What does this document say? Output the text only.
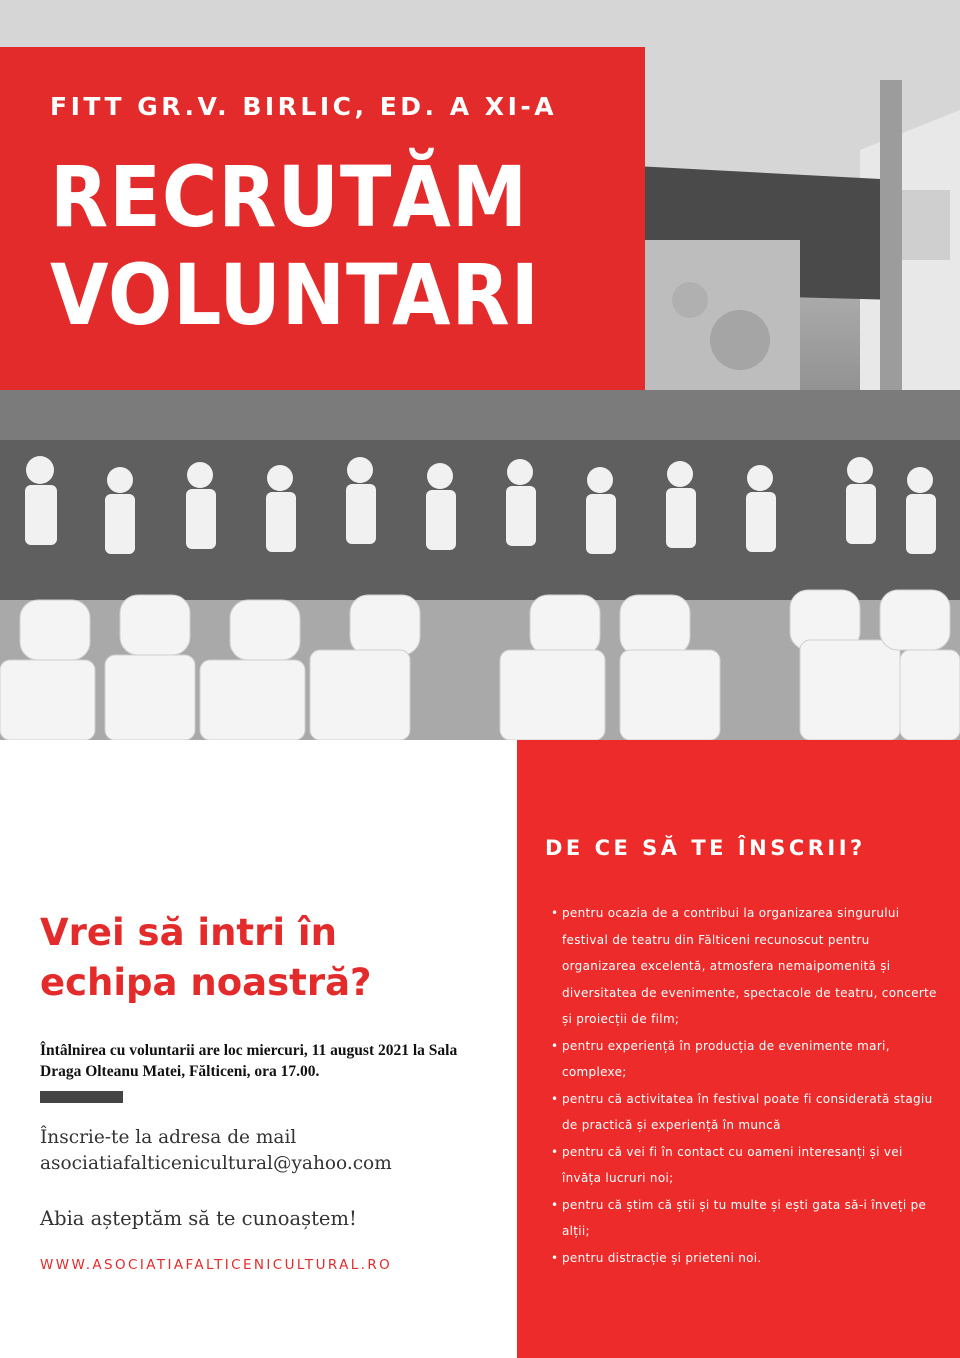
FITT GR.V. BIRLIC, ED. A XI-A
RECRUTĂM
VOLUNTARI
Vrei să intri în echipa noastră?
Întâlnirea cu voluntarii are loc miercuri, 11 august 2021 la Sala Draga Olteanu Matei, Fălticeni, ora 17.00.
Înscrie-te la adresa de mail
asociatiafalticenicultural@yahoo.com
Abia așteptăm să te cunoaștem!
WWW.ASOCIATIAFALTICENICULTURAL.RO
DE CE SĂ TE ÎNSCRII?
• pentru ocazia de a contribui la organizarea singurului festival de teatru din Fălticeni recunoscut pentru organizarea excelentă, atmosfera nemaipomenită și diversitatea de evenimente, spectacole de teatru, concerte și proiecții de film;
• pentru experiență în producția de evenimente mari, complexe;
• pentru că activitatea în festival poate fi considerată stagiu de practică și experiență în muncă
• pentru că vei fi în contact cu oameni interesanți și vei învăța lucruri noi;
• pentru că știm că știi și tu multe și ești gata să-i înveți pe alții;
• pentru distracție și prieteni noi.
